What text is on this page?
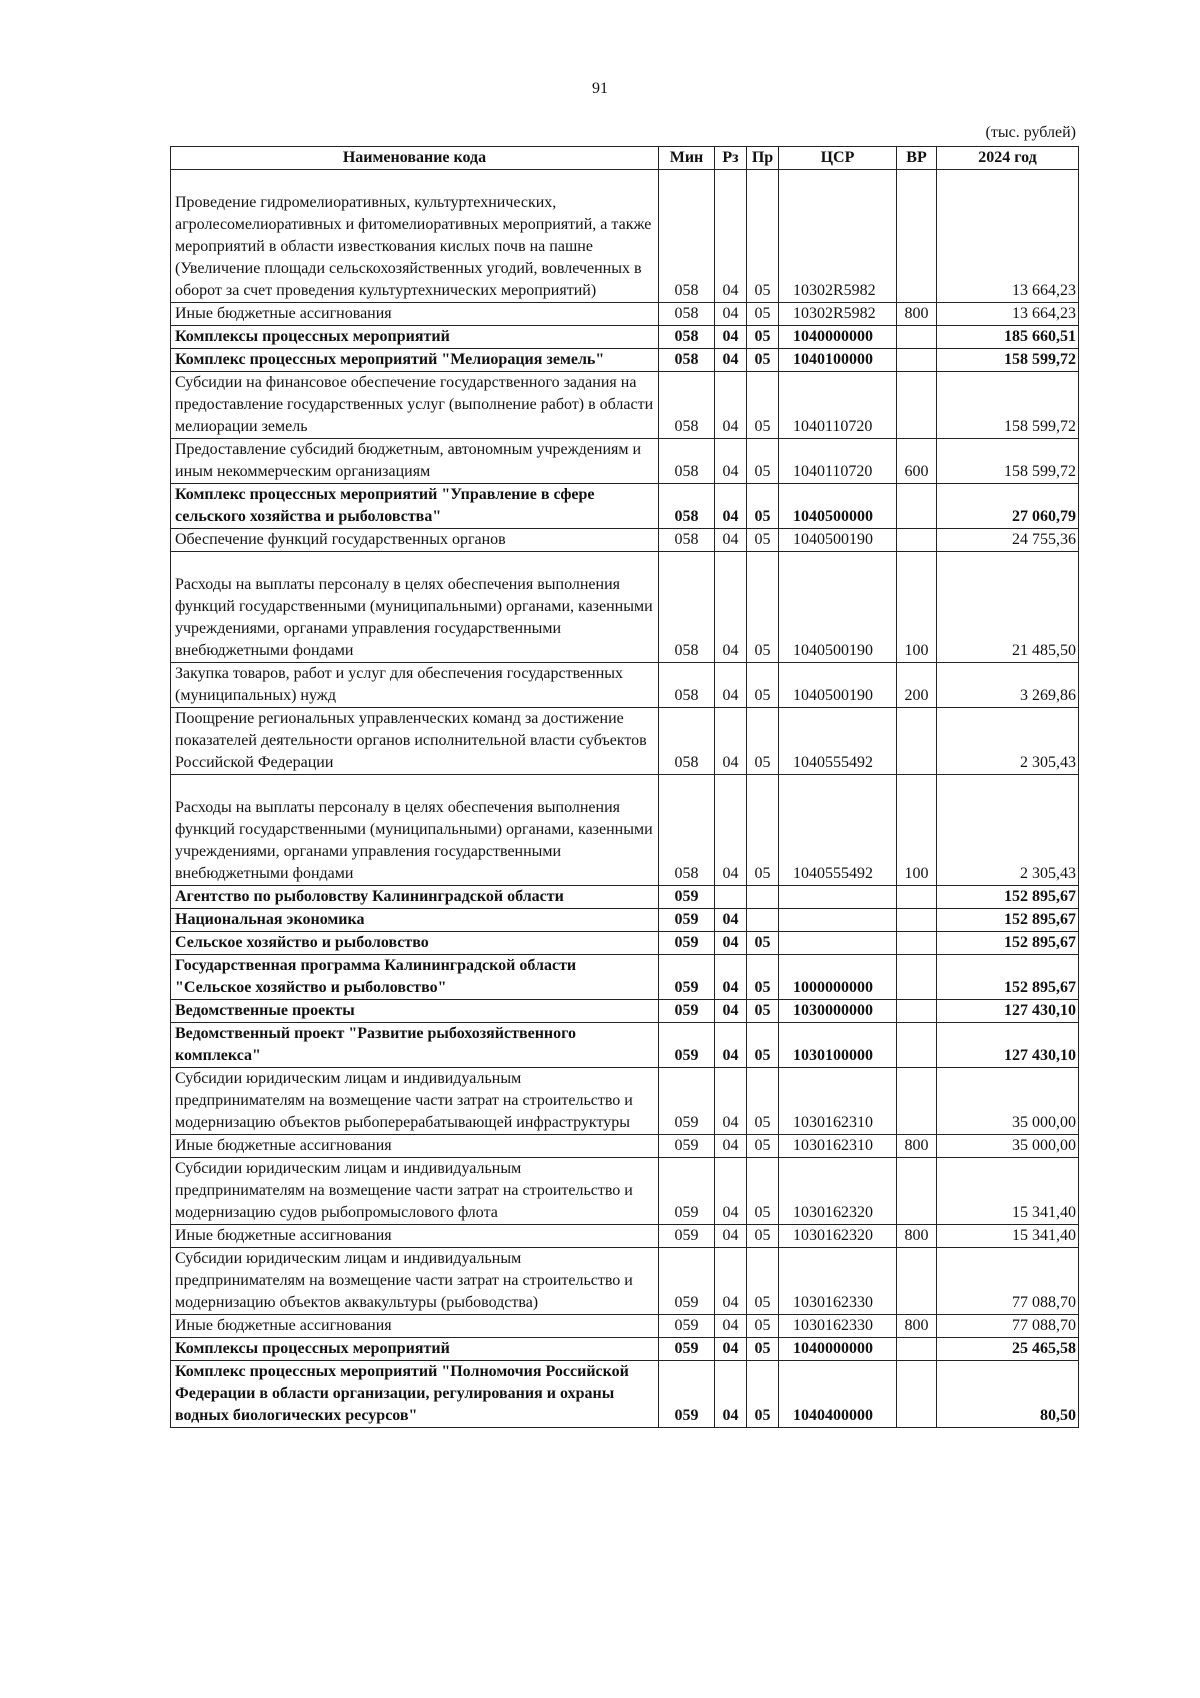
91
(тыс. рублей)
Наименование кода	Мин	Рз	Пр	ЦСР	ВР	2024 год
Проведение гидромелиоративных, культуртехнических, агролесомелиоративных и фитомелиоративных мероприятий, а также мероприятий в области известкования кислых почв на пашне (Увеличение площади сельскохозяйственных угодий, вовлеченных в оборот за счет проведения культуртехнических мероприятий)	058	04	05	10302R5982		13 664,23
Иные бюджетные ассигнования	058	04	05	10302R5982	800	13 664,23
Комплексы процессных мероприятий	058	04	05	1040000000		185 660,51
Комплекс процессных мероприятий "Мелиорация земель"	058	04	05	1040100000		158 599,72
Субсидии на финансовое обеспечение государственного задания на предоставление государственных услуг (выполнение работ) в области мелиорации земель	058	04	05	1040110720		158 599,72
Предоставление субсидий бюджетным, автономным учреждениям и иным некоммерческим организациям	058	04	05	1040110720	600	158 599,72
Комплекс процессных мероприятий "Управление в сфере сельского хозяйства и рыболовства"	058	04	05	1040500000		27 060,79
Обеспечение функций государственных органов	058	04	05	1040500190		24 755,36
Расходы на выплаты персоналу в целях обеспечения выполнения функций государственными (муниципальными) органами, казенными учреждениями, органами управления государственными внебюджетными фондами	058	04	05	1040500190	100	21 485,50
Закупка товаров, работ и услуг для обеспечения государственных (муниципальных) нужд	058	04	05	1040500190	200	3 269,86
Поощрение региональных управленческих команд за достижение показателей деятельности органов исполнительной власти субъектов Российской Федерации	058	04	05	1040555492		2 305,43
Расходы на выплаты персоналу в целях обеспечения выполнения функций государственными (муниципальными) органами, казенными учреждениями, органами управления государственными внебюджетными фондами	058	04	05	1040555492	100	2 305,43
Агентство по рыболовству Калининградской области	059					152 895,67
Национальная экономика	059	04				152 895,67
Сельское хозяйство и рыболовство	059	04	05			152 895,67
Государственная программа Калининградской области "Сельское хозяйство и рыболовство"	059	04	05	1000000000		152 895,67
Ведомственные проекты	059	04	05	1030000000		127 430,10
Ведомственный проект "Развитие рыбохозяйственного комплекса"	059	04	05	1030100000		127 430,10
Субсидии юридическим лицам и индивидуальным предпринимателям на возмещение части затрат на строительство и модернизацию объектов рыбоперерабатывающей инфраструктуры	059	04	05	1030162310		35 000,00
Иные бюджетные ассигнования	059	04	05	1030162310	800	35 000,00
Субсидии юридическим лицам и индивидуальным предпринимателям на возмещение части затрат на строительство и модернизацию судов рыбопромыслового флота	059	04	05	1030162320		15 341,40
Иные бюджетные ассигнования	059	04	05	1030162320	800	15 341,40
Субсидии юридическим лицам и индивидуальным предпринимателям на возмещение части затрат на строительство и модернизацию объектов аквакультуры (рыбоводства)	059	04	05	1030162330		77 088,70
Иные бюджетные ассигнования	059	04	05	1030162330	800	77 088,70
Комплексы процессных мероприятий	059	04	05	1040000000		25 465,58
Комплекс процессных мероприятий "Полномочия Российской Федерации в области организации, регулирования и охраны водных биологических ресурсов"	059	04	05	1040400000		80,50
